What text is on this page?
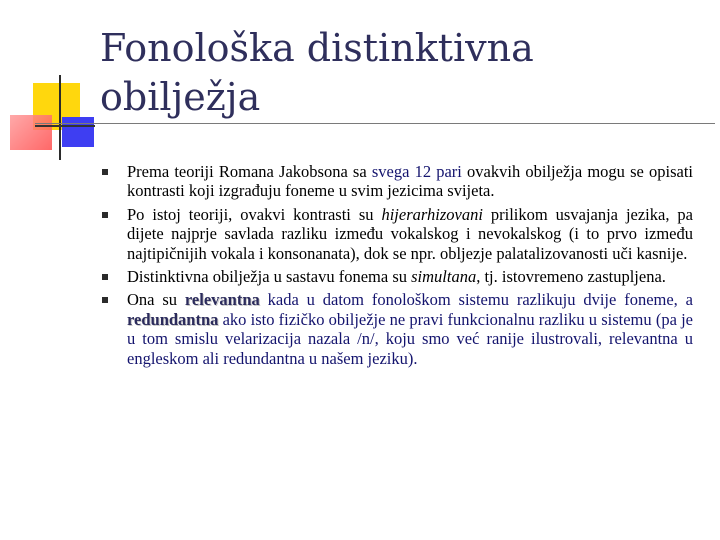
Fonološka distinktivna
obilježja
Prema teoriji Romana Jakobsona sa svega 12 pari ovakvih obilježja mogu se opisati kontrasti koji izgrađuju foneme u svim jezicima svijeta.
Po istoj teoriji, ovakvi kontrasti su hijerarhizovani prilikom usvajanja jezika, pa dijete najprje savlada razliku između vokalskog i nevokalskog (i to prvo između najtipičnijih vokala i konsonanata), dok se npr. obljezje palatalizovanosti uči kasnije.
Distinktivna obilježja u sastavu fonema su simultana, tj. istovremeno zastupljena.
Ona su relevantna kada u datom fonološkom sistemu razlikuju dvije foneme, a redundantna ako isto fizičko obilježje ne pravi funkcionalnu razliku u sistemu (pa je u tom smislu velarizacija nazala /n/, koju smo već ranije ilustrovali, relevantna u engleskom ali redundantna u našem jeziku).
